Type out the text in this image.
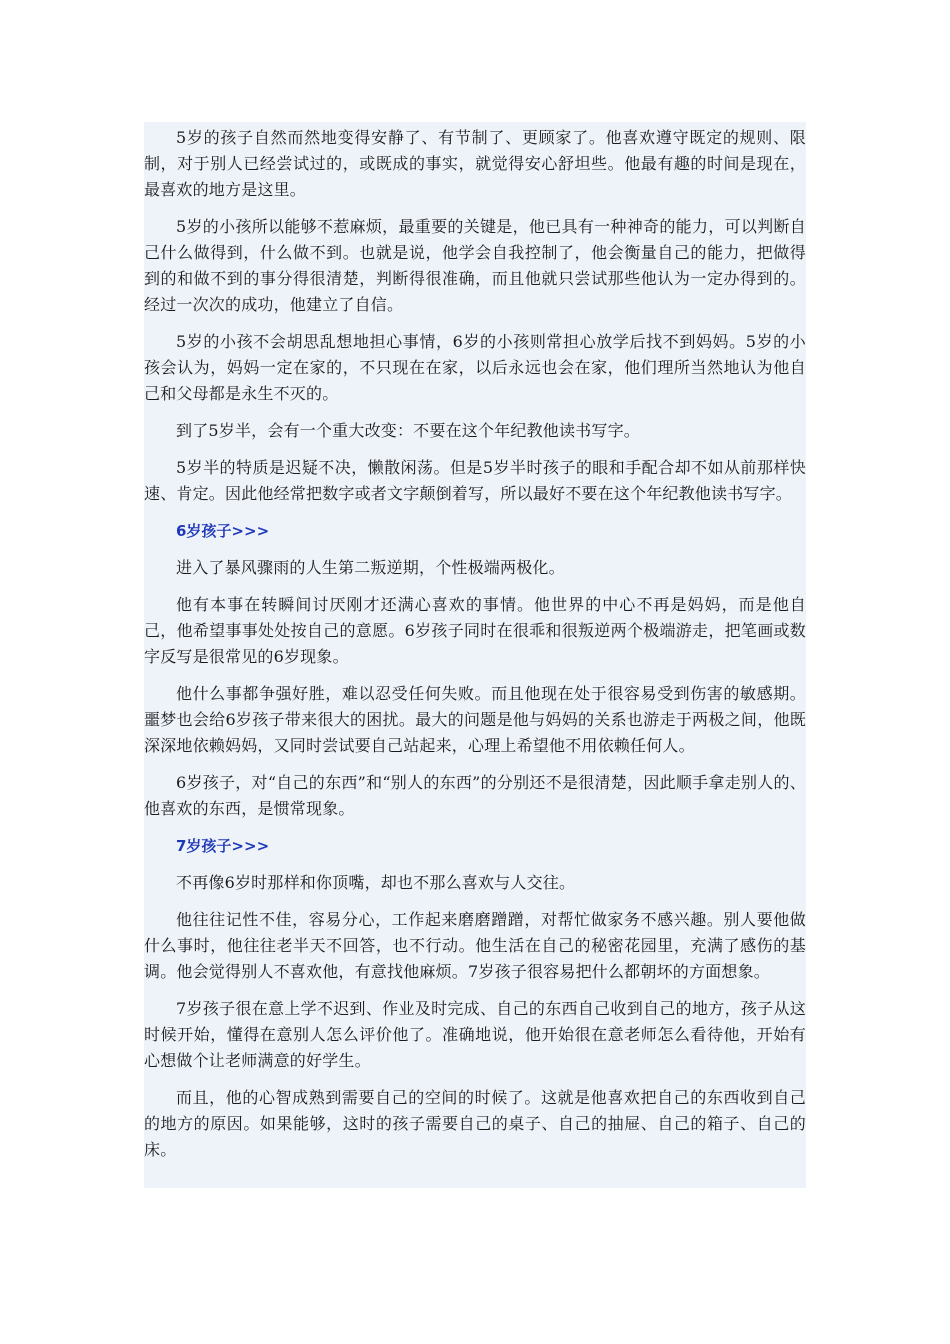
5岁的孩子自然而然地变得安静了、有节制了、更顾家了。他喜欢遵守既定的规则、限制，对于别人已经尝试过的，或既成的事实，就觉得安心舒坦些。他最有趣的时间是现在，最喜欢的地方是这里。

5岁的小孩所以能够不惹麻烦，最重要的关键是，他已具有一种神奇的能力，可以判断自己什么做得到，什么做不到。也就是说，他学会自我控制了，他会衡量自己的能力，把做得到的和做不到的事分得很清楚，判断得很准确，而且他就只尝试那些他认为一定办得到的。经过一次次的成功，他建立了自信。

5岁的小孩不会胡思乱想地担心事情，6岁的小孩则常担心放学后找不到妈妈。5岁的小孩会认为，妈妈一定在家的，不只现在在家，以后永远也会在家，他们理所当然地认为他自己和父母都是永生不灭的。

到了5岁半，会有一个重大改变：不要在这个年纪教他读书写字。

5岁半的特质是迟疑不决，懒散闲荡。但是5岁半时孩子的眼和手配合却不如从前那样快速、肯定。因此他经常把数字或者文字颠倒着写，所以最好不要在这个年纪教他读书写字。

6岁孩子>>>

进入了暴风骤雨的人生第二叛逆期，个性极端两极化。

他有本事在转瞬间讨厌刚才还满心喜欢的事情。他世界的中心不再是妈妈，而是他自己，他希望事事处处按自己的意愿。6岁孩子同时在很乖和很叛逆两个极端游走，把笔画或数字反写是很常见的6岁现象。

他什么事都争强好胜，难以忍受任何失败。而且他现在处于很容易受到伤害的敏感期。噩梦也会给6岁孩子带来很大的困扰。最大的问题是他与妈妈的关系也游走于两极之间，他既深深地依赖妈妈，又同时尝试要自己站起来，心理上希望他不用依赖任何人。

6岁孩子，对“自己的东西”和“别人的东西”的分别还不是很清楚，因此顺手拿走别人的、他喜欢的东西，是惯常现象。

7岁孩子>>>

不再像6岁时那样和你顶嘴，却也不那么喜欢与人交往。

他往往记性不佳，容易分心，工作起来磨磨蹭蹭，对帮忙做家务不感兴趣。别人要他做什么事时，他往往老半天不回答，也不行动。他生活在自己的秘密花园里，充满了感伤的基调。他会觉得别人不喜欢他，有意找他麻烦。7岁孩子很容易把什么都朝坏的方面想象。

7岁孩子很在意上学不迟到、作业及时完成、自己的东西自己收到自己的地方，孩子从这时候开始，懂得在意别人怎么评价他了。准确地说，他开始很在意老师怎么看待他，开始有心想做个让老师满意的好学生。

而且，他的心智成熟到需要自己的空间的时候了。这就是他喜欢把自己的东西收到自己的地方的原因。如果能够，这时的孩子需要自己的桌子、自己的抽屉、自己的箱子、自己的床。
